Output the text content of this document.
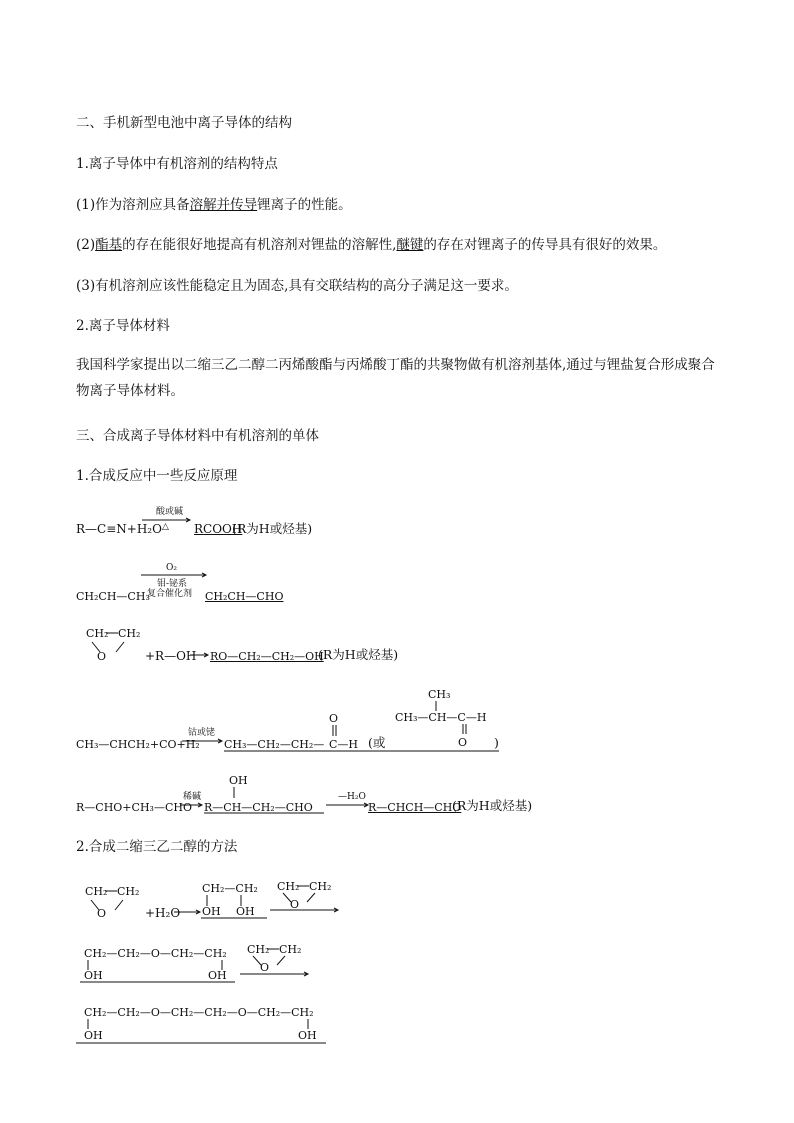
二、手机新型电池中离子导体的结构
1.离子导体中有机溶剂的结构特点
(1)作为溶剂应具备溶解并传导锂离子的性能。
(2)酯基的存在能很好地提高有机溶剂对锂盐的溶解性,醚键的存在对锂离子的传导具有很好的效果。
(3)有机溶剂应该性能稳定且为固态,具有交联结构的高分子满足这一要求。
2.离子导体材料
我国科学家提出以二缩三乙二醇二丙烯酸酯与丙烯酸丁酯的共聚物做有机溶剂基体,通过与锂盐复合形成聚合物离子导体材料。
三、合成离子导体材料中有机溶剂的单体
1.合成反应中一些反应原理
R—C≡N+H₂O
酸或碱
△ RCOOH
(R为H或烃基)
O₂
钼-铋系
复合催化剂
CH₂CH—CH₃	CH₂CH—CHO
CH₂ CH₂
O	+R—OH RO—CH₂—CH₂—OH
(R为H或烃基)
CH₃—CHCH₂+CO+H₂
钴或铑
CH₃—CH₂—CH₂—
O
C—H (或
CH₃
CH₃—CH—C—H
O )
R—CHO+CH₃—CHO
稀碱
OH
R—CH—CH₂—CHO
—H₂O
R—CHCH—CHO
(R为H或烃基)
2.合成二缩三乙二醇的方法
CH₂ CH₂
O	+H₂O
CH₂—CH₂
OH OH
CH₂ CH₂
O
CH₂—CH₂—O—CH₂—CH₂
OH	OH
CH₂ CH₂
O
CH₂—CH₂—O—CH₂—CH₂—O—CH₂—CH₂
OH	OH
